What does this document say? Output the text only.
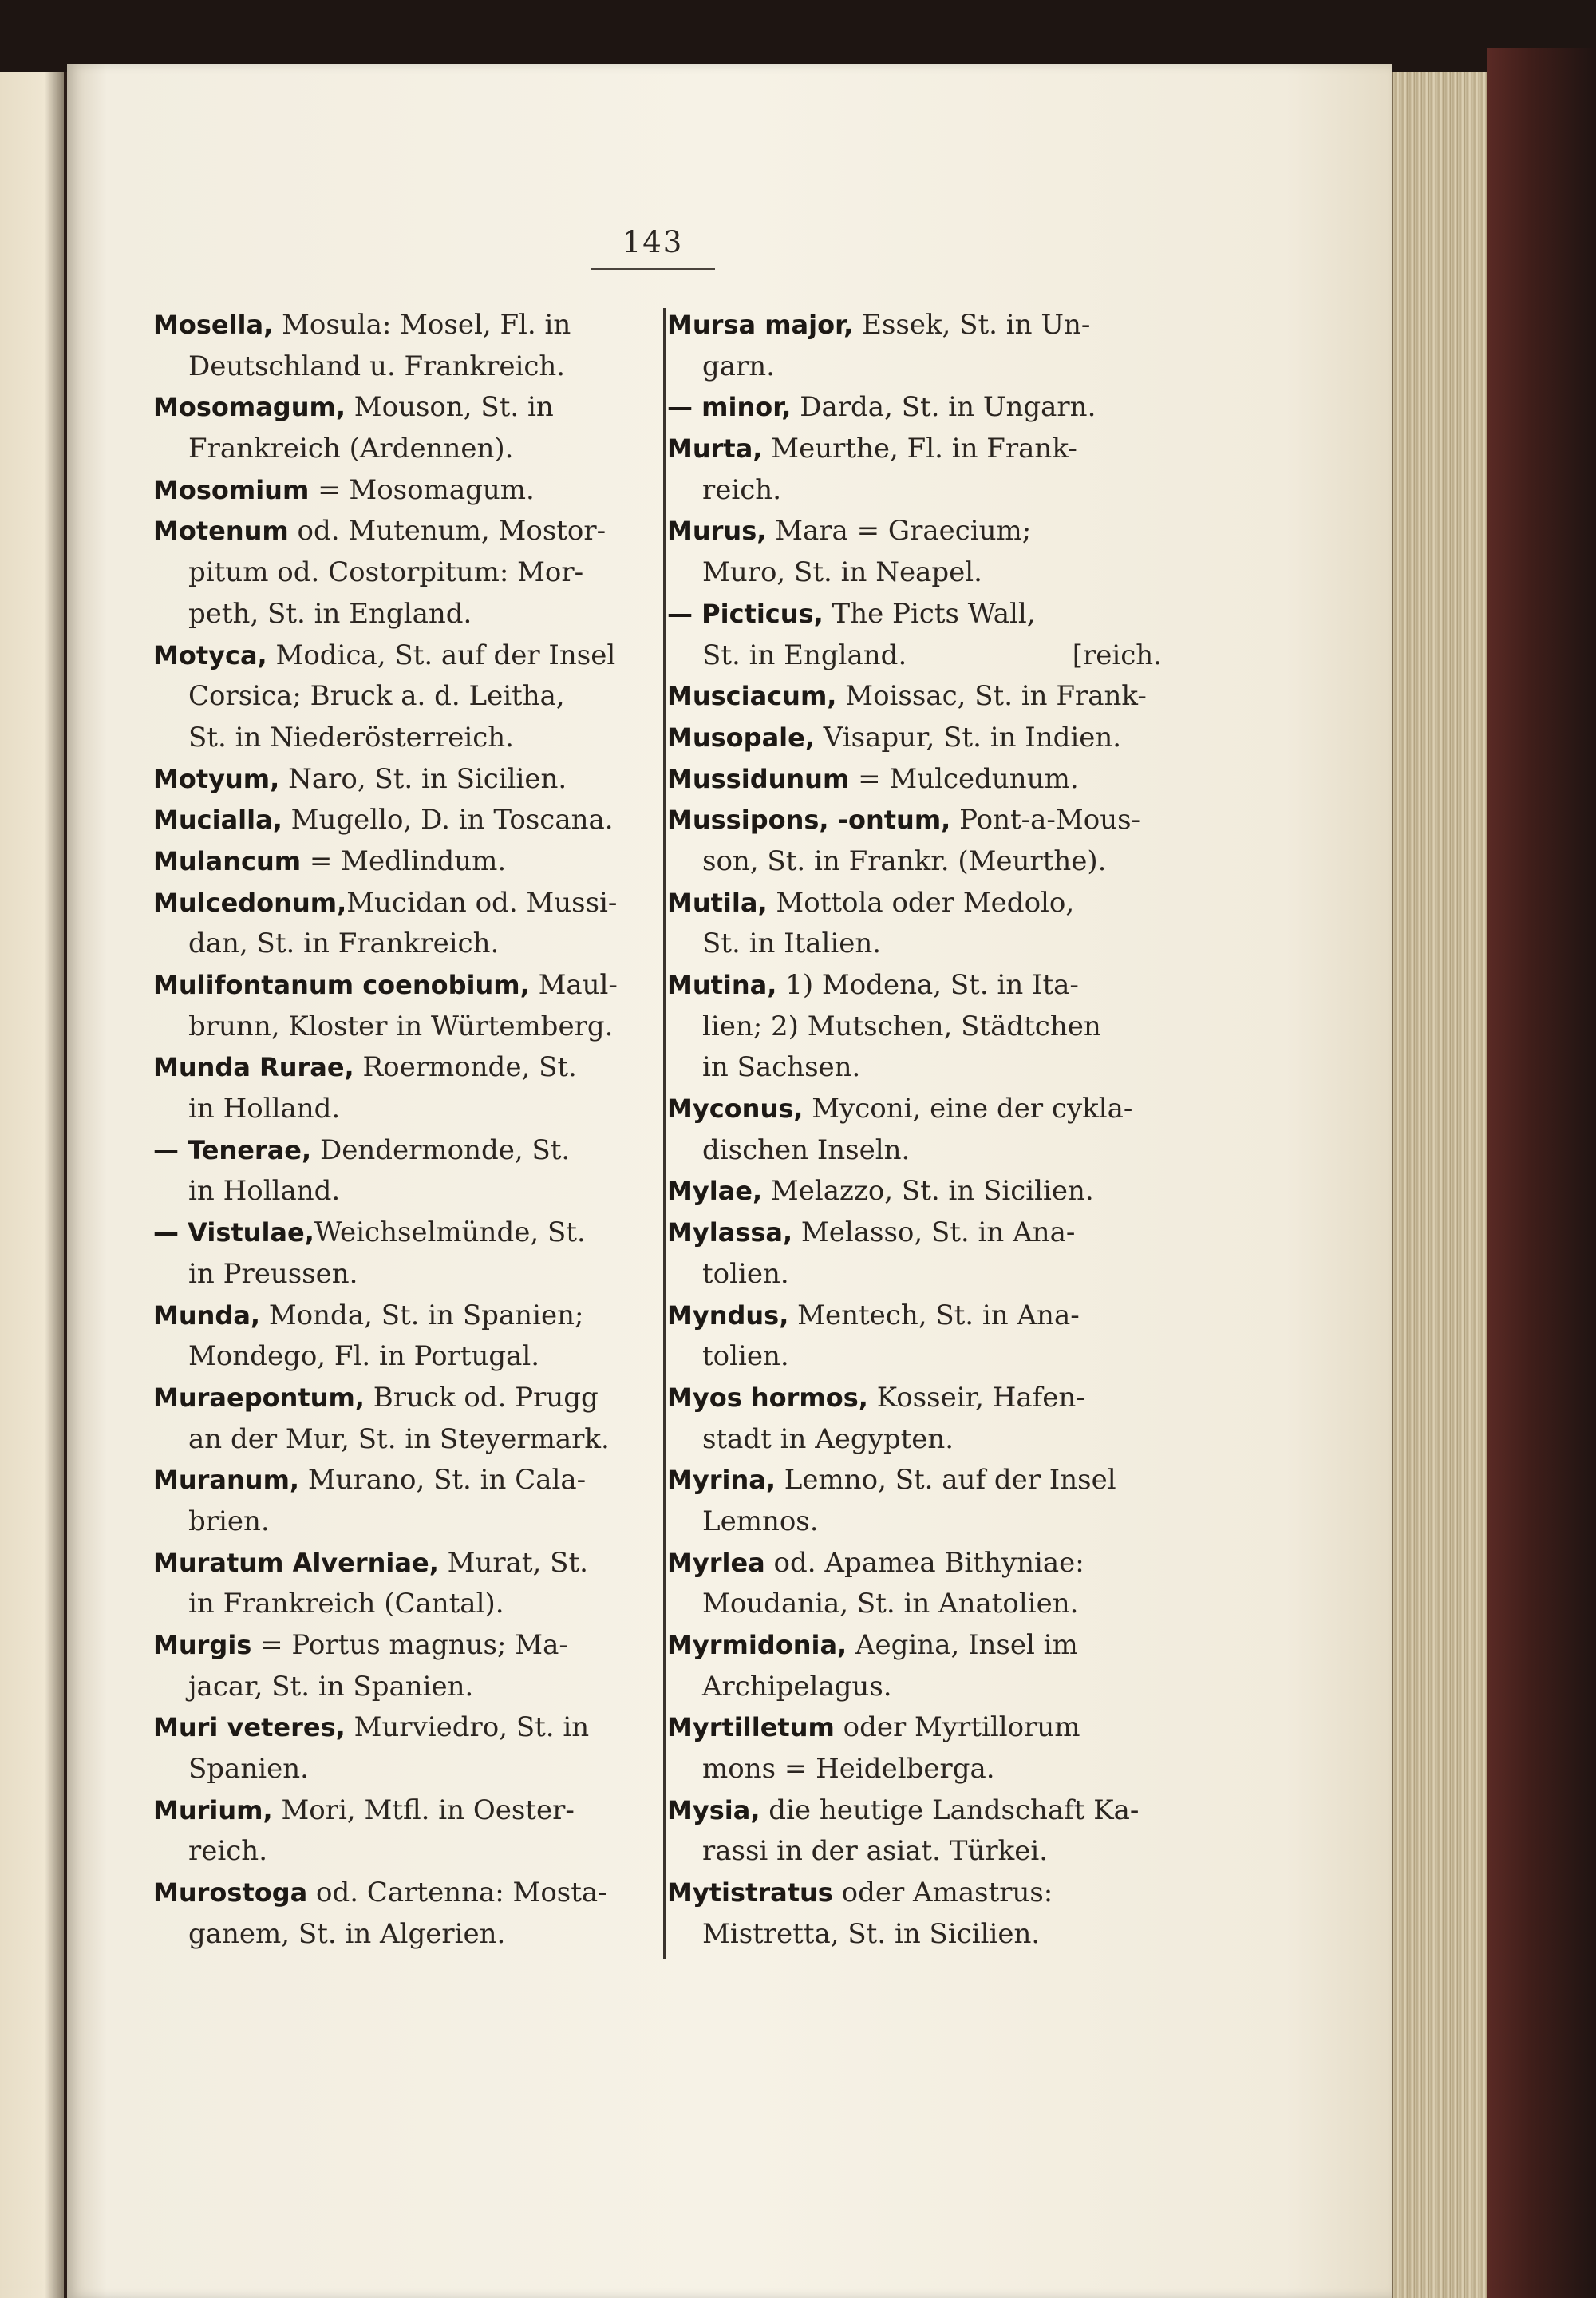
143
Mosella, Mosula: Mosel, Fl. in
Deutschland u. Frankreich.
Mosomagum, Mouson, St. in
Frankreich (Ardennen).
Mosomium = Mosomagum.
Motenum od. Mutenum, Mostor-
pitum od. Costorpitum: Mor-
peth, St. in England.
Motyca, Modica, St. auf der Insel
Corsica; Bruck a. d. Leitha,
St. in Niederösterreich.
Motyum, Naro, St. in Sicilien.
Mucialla, Mugello, D. in Toscana.
Mulancum = Medlindum.
Mulcedonum,Mucidan od. Mussi-
dan, St. in Frankreich.
Mulifontanum coenobium, Maul-
brunn, Kloster in Würtemberg.
Munda Rurae, Roermonde, St.
in Holland.
— Tenerae, Dendermonde, St.
in Holland.
— Vistulae,Weichselmünde, St.
in Preussen.
Munda, Monda, St. in Spanien;
Mondego, Fl. in Portugal.
Muraepontum, Bruck od. Prugg
an der Mur, St. in Steyermark.
Muranum, Murano, St. in Cala-
brien.
Muratum Alverniae, Murat, St.
in Frankreich (Cantal).
Murgis = Portus magnus; Ma-
jacar, St. in Spanien.
Muri veteres, Murviedro, St. in
Spanien.
Murium, Mori, Mtfl. in Oester-
reich.
Murostoga od. Cartenna: Mosta-
ganem, St. in Algerien.
Mursa major, Essek, St. in Un-
garn.
— minor, Darda, St. in Ungarn.
Murta, Meurthe, Fl. in Frank-
reich.
Murus, Mara = Graecium;
Muro, St. in Neapel.
— Picticus, The Picts Wall,
St. in England.	[reich.
Musciacum, Moissac, St. in Frank-
Musopale, Visapur, St. in Indien.
Mussidunum = Mulcedunum.
Mussipons, -ontum, Pont-a-Mous-
son, St. in Frankr. (Meurthe).
Mutila, Mottola oder Medolo,
St. in Italien.
Mutina, 1) Modena, St. in Ita-
lien; 2) Mutschen, Städtchen
in Sachsen.
Myconus, Myconi, eine der cykla-
dischen Inseln.
Mylae, Melazzo, St. in Sicilien.
Mylassa, Melasso, St. in Ana-
tolien.
Myndus, Mentech, St. in Ana-
tolien.
Myos hormos, Kosseir, Hafen-
stadt in Aegypten.
Myrina, Lemno, St. auf der Insel
Lemnos.
Myrlea od. Apamea Bithyniae:
Moudania, St. in Anatolien.
Myrmidonia, Aegina, Insel im
Archipelagus.
Myrtilletum oder Myrtillorum
mons = Heidelberga.
Mysia, die heutige Landschaft Ka-
rassi in der asiat. Türkei.
Mytistratus oder Amastrus:
Mistretta, St. in Sicilien.
